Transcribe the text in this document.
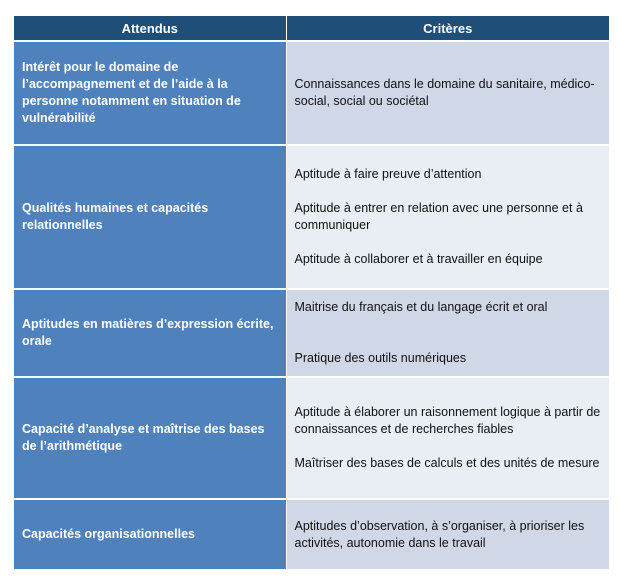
Attendus	Critères
Intérêt pour le domaine de l’accompagnement et de l’aide à la personne notamment en situation de vulnérabilité	Connaissances dans le domaine du sanitaire, médico-social, social ou sociétal

Qualités humaines et capacités relationnelles	Aptitude à faire preuve d’attention
Aptitude à entrer en relation avec une personne et à communiquer
Aptitude à collaborer et à travailler en équipe

Aptitudes en matières d’expression écrite, orale	Maitrise du français et du langage écrit et oral
Pratique des outils numériques

Capacité d’analyse et maîtrise des bases de l’arithmétique	Aptitude à élaborer un raisonnement logique à partir de connaissances et de recherches fiables
Maîtriser des bases de calculs et des unités de mesure

Capacités organisationnelles	Aptitudes d’observation, à s’organiser, à prioriser les activités, autonomie dans le travail
